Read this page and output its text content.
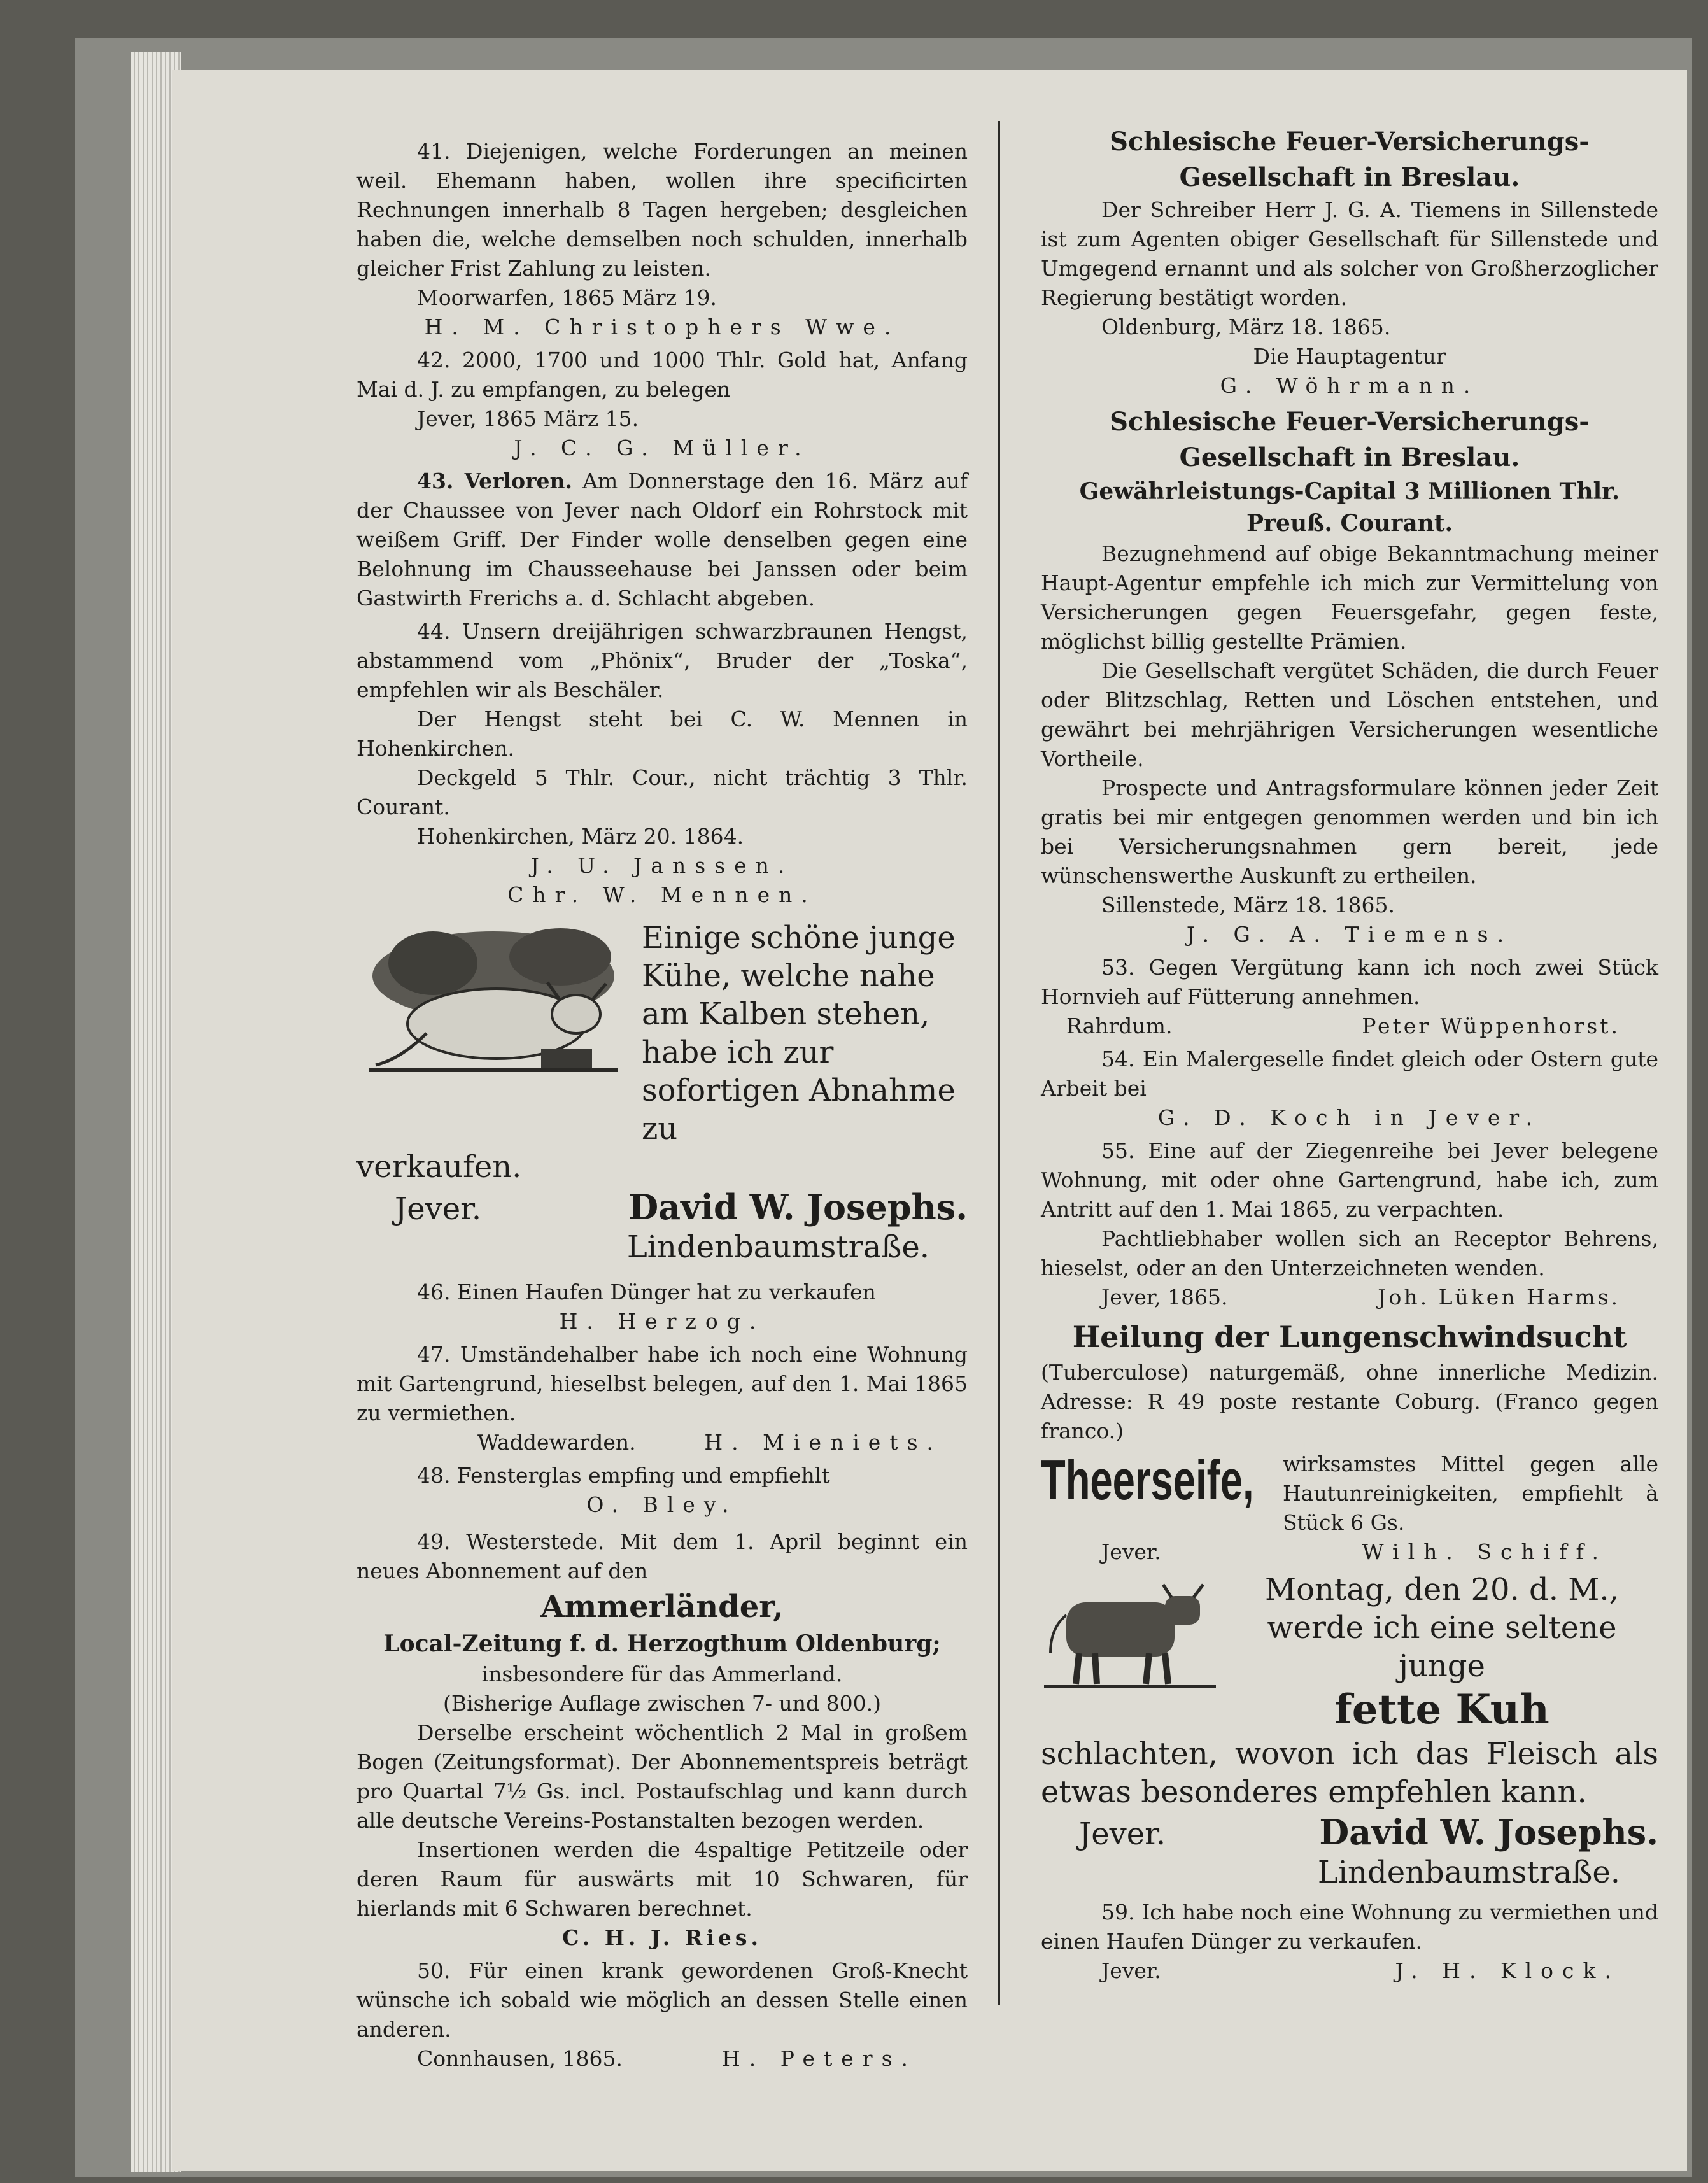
41. Diejenigen, welche Forderungen an meinen weil. Ehemann haben, wollen ihre specificirten Rechnungen innerhalb 8 Tagen hergeben; desgleichen haben die, welche demselben noch schulden, innerhalb gleicher Frist Zahlung zu leisten.

Moorwarfen, 1865 März 19.

H. M. Christophers Wwe.

42. 2000, 1700 und 1000 Thlr. Gold hat, Anfang Mai d. J. zu empfangen, zu belegen

Jever, 1865 März 15.

J. C. G. Müller.

43. Verloren. Am Donnerstage den 16. März auf der Chaussee von Jever nach Oldorf ein Rohrstock mit weißem Griff. Der Finder wolle denselben gegen eine Belohnung im Chausseehause bei Janssen oder beim Gastwirth Frerichs a. d. Schlacht abgeben.

44. Unsern dreijährigen schwarzbraunen Hengst, abstammend vom „Phönix“, Bruder der „Toska“, empfehlen wir als Beschäler.

Der Hengst steht bei C. W. Mennen in Hohenkirchen.

Deckgeld 5 Thlr. Cour., nicht trächtig 3 Thlr. Courant.

Hohenkirchen, März 20. 1864.

J. U. Janssen.

Chr. W. Mennen.

Einige schöne junge Kühe, welche nahe am Kalben stehen, habe ich zur sofortigen Abnahme zu

verkaufen.

Jever.	David W. Josephs.

Lindenbaumstraße.

46. Einen Haufen Dünger hat zu verkaufen

H. Herzog.

47. Umständehalber habe ich noch eine Wohnung mit Gartengrund, hieselbst belegen, auf den 1. Mai 1865 zu vermiethen.

Waddewarden.	H. Mieniets.

48. Fensterglas empfing und empfiehlt

O. Bley.

49. Westerstede. Mit dem 1. April beginnt ein neues Abonnement auf den

Ammerländer,

Local-Zeitung f. d. Herzogthum Oldenburg;

insbesondere für das Ammerland.

(Bisherige Auflage zwischen 7- und 800.)

Derselbe erscheint wöchentlich 2 Mal in großem Bogen (Zeitungsformat). Der Abonnementspreis beträgt pro Quartal 7½ Gs. incl. Postaufschlag und kann durch alle deutsche Vereins-Postanstalten bezogen werden.

Insertionen werden die 4spaltige Petitzeile oder deren Raum für auswärts mit 10 Schwaren, für hierlands mit 6 Schwaren berechnet.

C. H. J. Ries.

50. Für einen krank gewordenen Groß-Knecht wünsche ich sobald wie möglich an dessen Stelle einen anderen.

Connhausen, 1865.	H. Peters.

Schlesische Feuer-Versicherungs-

Gesellschaft in Breslau.

Der Schreiber Herr J. G. A. Tiemens in Sillenstede ist zum Agenten obiger Gesellschaft für Sillenstede und Umgegend ernannt und als solcher von Großherzoglicher Regierung bestätigt worden.

Oldenburg, März 18. 1865.

Die Hauptagentur

G. Wöhrmann.

Schlesische Feuer-Versicherungs-

Gesellschaft in Breslau.

Gewährleistungs-Capital 3 Millionen Thlr.

Preuß. Courant.

Bezugnehmend auf obige Bekanntmachung meiner Haupt-Agentur empfehle ich mich zur Vermittelung von Versicherungen gegen Feuersgefahr, gegen feste, möglichst billig gestellte Prämien.

Die Gesellschaft vergütet Schäden, die durch Feuer oder Blitzschlag, Retten und Löschen entstehen, und gewährt bei mehrjährigen Versicherungen wesentliche Vortheile.

Prospecte und Antragsformulare können jeder Zeit gratis bei mir entgegen genommen werden und bin ich bei Versicherungsnahmen gern bereit, jede wünschenswerthe Auskunft zu ertheilen.

Sillenstede, März 18. 1865.

J. G. A. Tiemens.

53. Gegen Vergütung kann ich noch zwei Stück Hornvieh auf Fütterung annehmen.

Rahrdum.	Peter Wüppenhorst.

54. Ein Malergeselle findet gleich oder Ostern gute Arbeit bei

G. D. Koch in Jever.

55. Eine auf der Ziegenreihe bei Jever belegene Wohnung, mit oder ohne Gartengrund, habe ich, zum Antritt auf den 1. Mai 1865, zu verpachten.

Pachtliebhaber wollen sich an Receptor Behrens, hieselst, oder an den Unterzeichneten wenden.

Jever, 1865.	Joh. Lüken Harms.

Heilung der Lungenschwindsucht

(Tuberculose) naturgemäß, ohne innerliche Medizin. Adresse: R 49 poste restante Coburg. (Franco gegen franco.)

Theerseife,	wirksamstes Mittel gegen alle Hautunreinigkeiten, empfiehlt à Stück 6 Gs.

Jever.	Wilh. Schiff.

Montag, den 20. d. M.,

werde ich eine seltene junge

fette Kuh

schlachten, wovon ich das Fleisch als etwas besonderes empfehlen kann.

Jever.	David W. Josephs.

Lindenbaumstraße.

59. Ich habe noch eine Wohnung zu vermiethen und einen Haufen Dünger zu verkaufen.

Jever.	J. H. Klock.
